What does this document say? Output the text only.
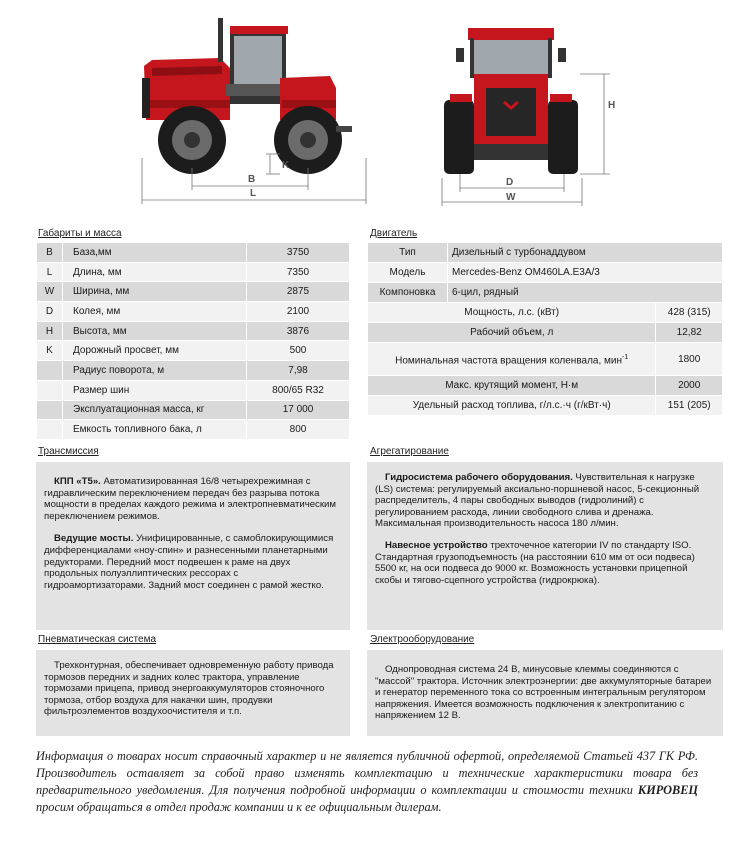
B
L
K
D
W
H
Габариты и масса
B	База,мм	3750
L	Длина, мм	7350
W	Ширина, мм	2875
D	Колея, мм	2100
H	Высота, мм	3876
K	Дорожный просвет, мм	500
	Радиус поворота, м	7,98
	Размер шин	800/65 R32
	Эксплуатационная масса, кг	17 000
	Емкость топливного бака, л	800
Двигатель
Тип	Дизельный с турбонаддувом	
Модель	Mercedes-Benz OM460LA.E3A/3	
Компоновка	6-цил, рядный	
Мощность, л.с. (кВт)		428 (315)
Рабочий объем, л		12,82
Номинальная частота вращения коленвала, мин$^{-1}$		1800
Макс. крутящий момент, Н·м		2000
Удельный расход топлива, г/л.с.·ч (г/кВт·ч)		151 (205)
Трансмиссия

КПП «Т5». Автоматизированная 16/8 четырехрежимная с гидравлическим переключением передач без разрыва потока мощности в пределах каждого режима и электропневматическим переключением режимов.

Ведущие мосты. Унифицированные, с самоблокирующимися дифференциалами «ноу-спин» и разнесенными планетарными редукторами. Передний мост подвешен к раме на двух продольных полуэллиптических рессорах с гидроамортизаторами. Задний мост соединен с рамой жестко.

Агрегатирование

Гидросистема рабочего оборудования. Чувствительная к нагрузке (LS) система: регулируемый аксиально-поршневой насос, 5-секционный распределитель, 4 пары свободных выводов (гидролиний) с регулированием расхода, линии свободного слива и дренажа. Максимальная производительность насоса 180 л/мин.

Навесное устройство трехточечное категории IV по стандарту ISO. Стандартная грузоподъемность (на расстоянии 610 мм от оси подвеса) 5500 кг, на оси подвеса до 9000 кг. Возможность установки прицепной скобы и тягово-сцепного устройства (гидрокрюка).

Пневматическая система

Трехконтурная, обеспечивает одновременную работу привода тормозов передних и задних колес трактора, управление тормозами прицепа, привод энергоаккумуляторов стояночного тормоза, отбор воздуха для накачки шин, продувки фильтроэлементов воздухоочистителя и т.п.

Электрооборудование

Однопроводная система 24 В, минусовые клеммы соединяются с "массой" трактора. Источник электроэнергии: две аккумуляторные батареи и генератор переменного тока со встроенным интегральным регулятором напряжения. Имеется возможность подключения к электропитанию с напряжением 12 В.

Информация о товарах носит справочный характер и не является публичной офертой, определяемой Статьей 437 ГК РФ. Производитель оставляет за собой право изменять комплектацию и технические характеристики товара без предварительного уведомления. Для получения подробной информации о комплектации и стоимости техники КИРОВЕЦ просим обращаться в отдел продаж компании и к ее официальным дилерам.
